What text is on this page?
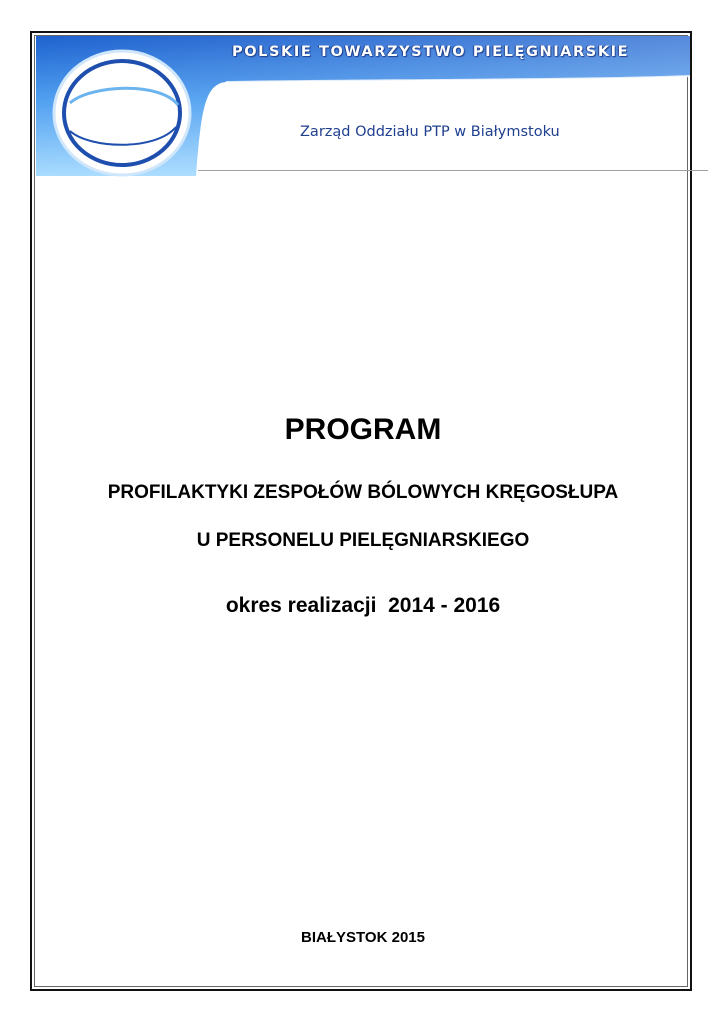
POLSKIE TOWARZYSTWO PIELĘGNIARSKIE
Zarząd Oddziału PTP w Białymstoku
PROGRAM
PROFILAKTYKI ZESPOŁÓW BÓLOWYCH KRĘGOSŁUPA
U PERSONELU PIELĘGNIARSKIEGO
okres realizacji  2014 - 2016
BIAŁYSTOK 2015
